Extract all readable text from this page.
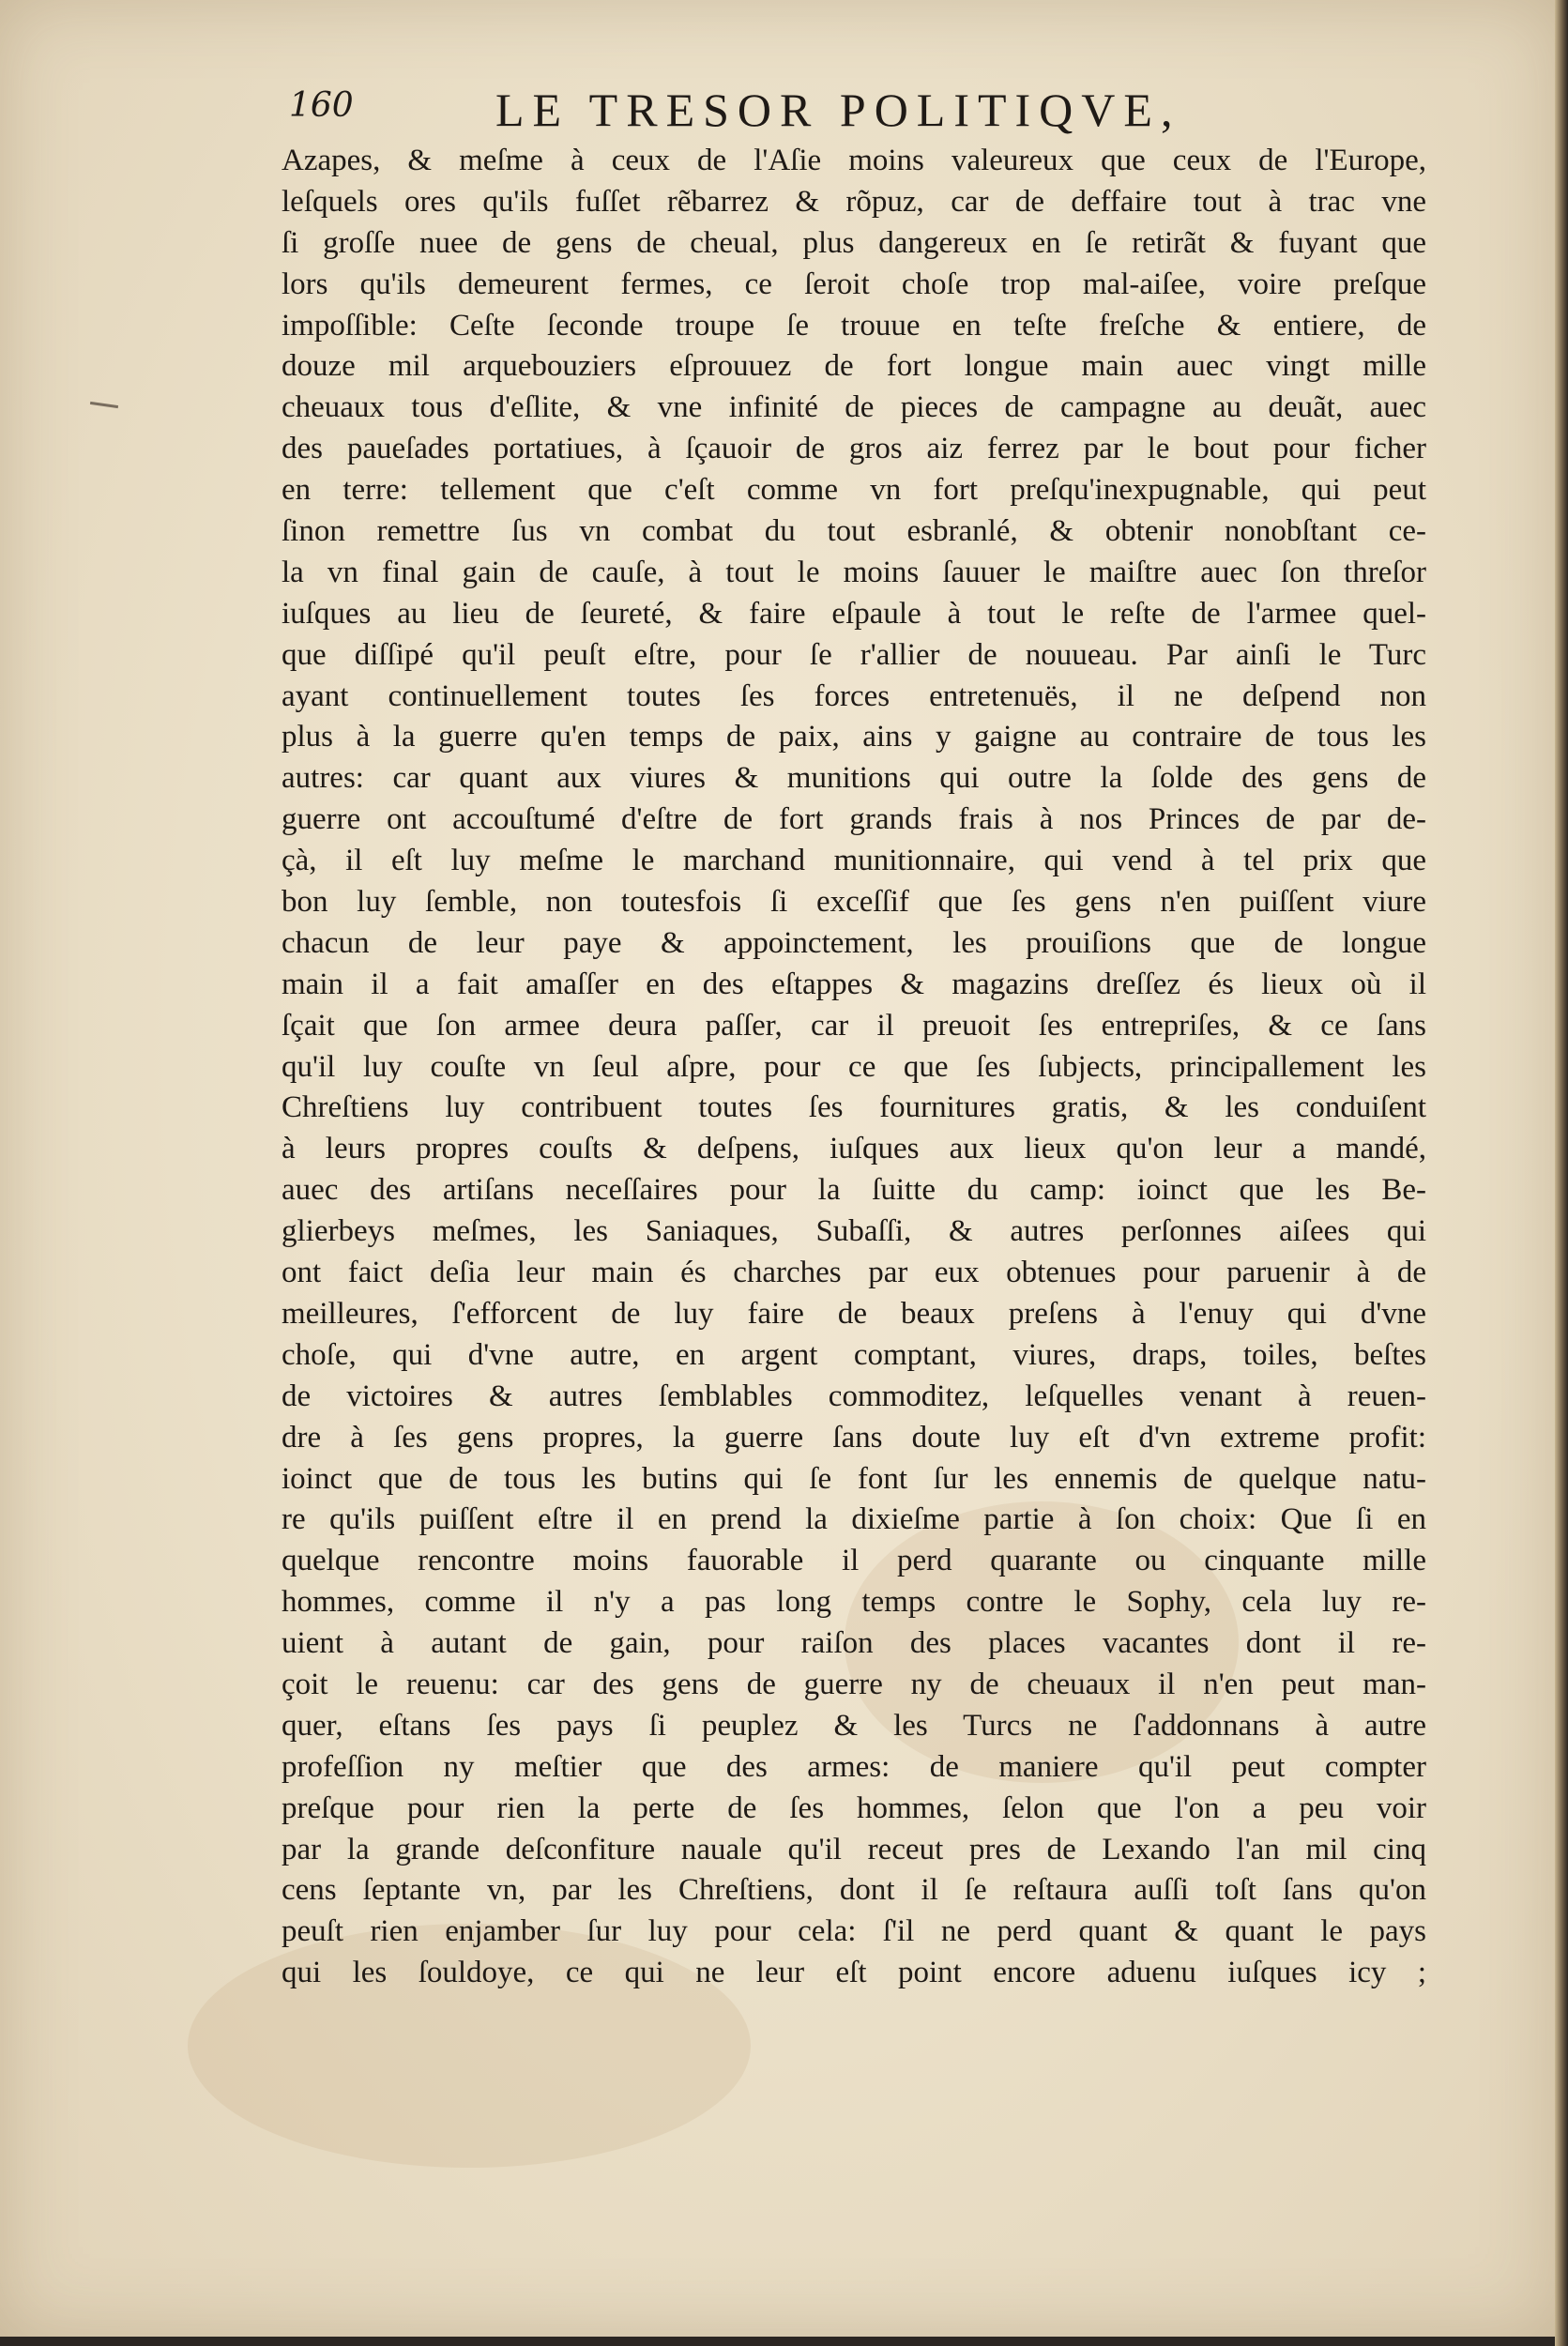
160	LE TRESOR POLITIQVE,
Azapes, & meſme à ceux de l'Aſie moins valeureux que ceux de l'Europe,
leſquels ores qu'ils fuſſet rẽbarrez & rõpuz, car de deffaire tout à trac vne
ſi groſſe nuee de gens de cheual, plus dangereux en ſe retirãt & fuyant que
lors qu'ils demeurent fermes, ce ſeroit choſe trop mal-aiſee, voire preſque
impoſſible: Ceſte ſeconde troupe ſe trouue en teſte freſche & entiere, de
douze mil arquebouziers eſprouuez de fort longue main auec vingt mille
cheuaux tous d'eſlite, & vne infinité de pieces de campagne au deuãt, auec
des paueſades portatiues, à ſçauoir de gros aiz ferrez par le bout pour ficher
en terre: tellement que c'eſt comme vn fort preſqu'inexpugnable, qui peut
ſinon remettre ſus vn combat du tout esbranlé, & obtenir nonobſtant ce-
la vn final gain de cauſe, à tout le moins ſauuer le maiſtre auec ſon threſor
iuſques au lieu de ſeureté, & faire eſpaule à tout le reſte de l'armee quel-
que diſſipé qu'il peuſt eſtre, pour ſe r'allier de nouueau. Par ainſi le Turc
ayant continuellement toutes ſes forces entretenuës, il ne deſpend non
plus à la guerre qu'en temps de paix, ains y gaigne au contraire de tous les
autres: car quant aux viures & munitions qui outre la ſolde des gens de
guerre ont accouſtumé d'eſtre de fort grands frais à nos Princes de par de-
çà, il eſt luy meſme le marchand munitionnaire, qui vend à tel prix que
bon luy ſemble, non toutesfois ſi exceſſif que ſes gens n'en puiſſent viure
chacun de leur paye & appoinctement, les prouiſions que de longue
main il a fait amaſſer en des eſtappes & magazins dreſſez és lieux où il
ſçait que ſon armee deura paſſer, car il preuoit ſes entrepriſes, & ce ſans
qu'il luy couſte vn ſeul aſpre, pour ce que ſes ſubjects, principallement les
Chreſtiens luy contribuent toutes ſes fournitures gratis, & les conduiſent
à leurs propres couſts & deſpens, iuſques aux lieux qu'on leur a mandé,
auec des artiſans neceſſaires pour la ſuitte du camp: ioinct que les Be-
glierbeys meſmes, les Saniaques, Subaſſi, & autres perſonnes aiſees qui
ont faict deſia leur main és charches par eux obtenues pour paruenir à de
meilleures, ſ'efforcent de luy faire de beaux preſens à l'enuy qui d'vne
choſe, qui d'vne autre, en argent comptant, viures, draps, toiles, beſtes
de victoires & autres ſemblables commoditez, leſquelles venant à reuen-
dre à ſes gens propres, la guerre ſans doute luy eſt d'vn extreme profit:
ioinct que de tous les butins qui ſe font ſur les ennemis de quelque natu-
re qu'ils puiſſent eſtre il en prend la dixieſme partie à ſon choix: Que ſi en
quelque rencontre moins fauorable il perd quarante ou cinquante mille
hommes, comme il n'y a pas long temps contre le Sophy, cela luy re-
uient à autant de gain, pour raiſon des places vacantes dont il re-
çoit le reuenu: car des gens de guerre ny de cheuaux il n'en peut man-
quer, eſtans ſes pays ſi peuplez & les Turcs ne ſ'addonnans à autre
profeſſion ny meſtier que des armes: de maniere qu'il peut compter
preſque pour rien la perte de ſes hommes, ſelon que l'on a peu voir
par la grande deſconfiture nauale qu'il receut pres de Lexando l'an mil cinq
cens ſeptante vn, par les Chreſtiens, dont il ſe reſtaura auſſi toſt ſans qu'on
peuſt rien enjamber ſur luy pour cela: ſ'il ne perd quant & quant le pays
qui les ſouldoye, ce qui ne leur eſt point encore aduenu iuſques icy ;
